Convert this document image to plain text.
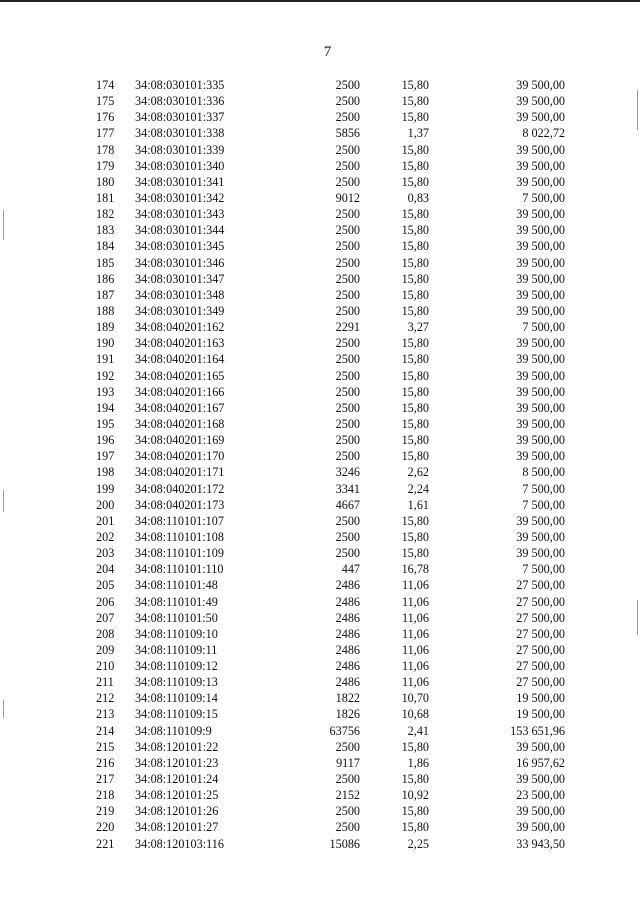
7
174 34:08:030101:335	2500	15,80	39 500,00
175 34:08:030101:336	2500	15,80	39 500,00
176 34:08:030101:337	2500	15,80	39 500,00
177 34:08:030101:338	5856	1,37	8 022,72
178 34:08:030101:339	2500	15,80	39 500,00
179 34:08:030101:340	2500	15,80	39 500,00
180 34:08:030101:341	2500	15,80	39 500,00
181 34:08:030101:342	9012	0,83	7 500,00
182 34:08:030101:343	2500	15,80	39 500,00
183 34:08:030101:344	2500	15,80	39 500,00
184 34:08:030101:345	2500	15,80	39 500,00
185 34:08:030101:346	2500	15,80	39 500,00
186 34:08:030101:347	2500	15,80	39 500,00
187 34:08:030101:348	2500	15,80	39 500,00
188 34:08:030101:349	2500	15,80	39 500,00
189 34:08:040201:162	2291	3,27	7 500,00
190 34:08:040201:163	2500	15,80	39 500,00
191 34:08:040201:164	2500	15,80	39 500,00
192 34:08:040201:165	2500	15,80	39 500,00
193 34:08:040201:166	2500	15,80	39 500,00
194 34:08:040201:167	2500	15,80	39 500,00
195 34:08:040201:168	2500	15,80	39 500,00
196 34:08:040201:169	2500	15,80	39 500,00
197 34:08:040201:170	2500	15,80	39 500,00
198 34:08:040201:171	3246	2,62	8 500,00
199 34:08:040201:172	3341	2,24	7 500,00
200 34:08:040201:173	4667	1,61	7 500,00
201 34:08:110101:107	2500	15,80	39 500,00
202 34:08:110101:108	2500	15,80	39 500,00
203 34:08:110101:109	2500	15,80	39 500,00
204 34:08:110101:110	447	16,78	7 500,00
205 34:08:110101:48	2486	11,06	27 500,00
206 34:08:110101:49	2486	11,06	27 500,00
207 34:08:110101:50	2486	11,06	27 500,00
208 34:08:110109:10	2486	11,06	27 500,00
209 34:08:110109:11	2486	11,06	27 500,00
210 34:08:110109:12	2486	11,06	27 500,00
211 34:08:110109:13	2486	11,06	27 500,00
212 34:08:110109:14	1822	10,70	19 500,00
213 34:08:110109:15	1826	10,68	19 500,00
214 34:08:110109:9	63756	2,41	153 651,96
215 34:08:120101:22	2500	15,80	39 500,00
216 34:08:120101:23	9117	1,86	16 957,62
217 34:08:120101:24	2500	15,80	39 500,00
218 34:08:120101:25	2152	10,92	23 500,00
219 34:08:120101:26	2500	15,80	39 500,00
220 34:08:120101:27	2500	15,80	39 500,00
221 34:08:120103:116	15086	2,25	33 943,50
